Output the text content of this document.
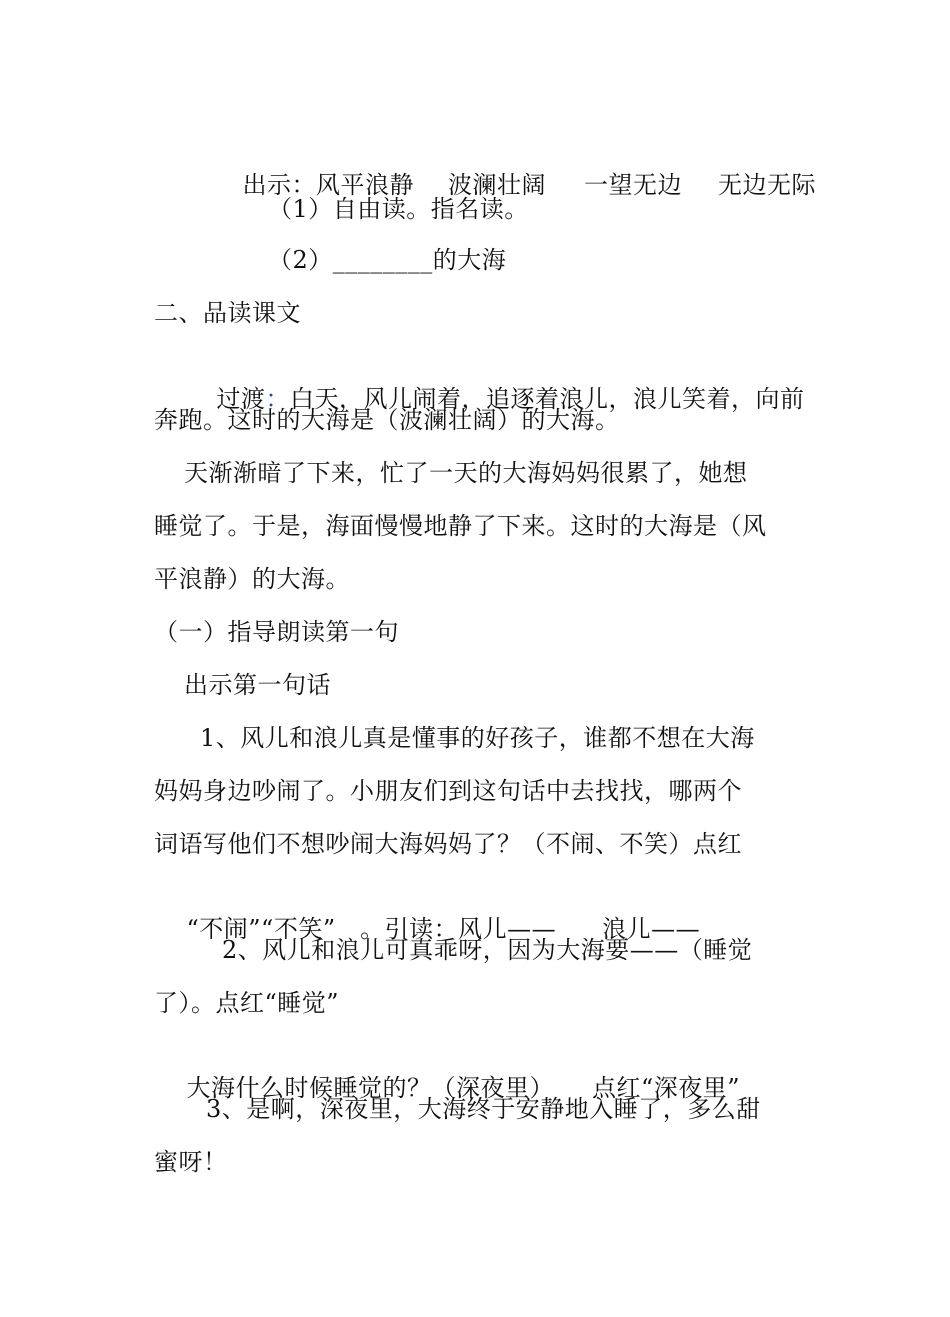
出示：风平浪静 波澜壮阔 一望无边 无边无际

（1）自由读。指名读。
（2）________的大海
二、品读课文

过渡：白天，风儿闹着，追逐着浪儿，浪儿笑着，向前

奔跑。这时的大海是（波澜壮阔）的大海。
天渐渐暗了下来，忙了一天的大海妈妈很累了，她想
睡觉了。于是，海面慢慢地静了下来。这时的大海是（风
平浪静）的大海。
（一）指导朗读第一句
出示第一句话
1、风儿和浪儿真是懂事的好孩子，谁都不想在大海
妈妈身边吵闹了。小朋友们到这句话中去找找，哪两个
词语写他们不想吵闹大海妈妈了？（不闹、不笑）点红

“不闹”“不笑”　。引读：风儿—— 浪儿——

2、风儿和浪儿可真乖呀，因为大海要——（睡觉
了）。点红“睡觉”

大海什么时候睡觉的？（深夜里） 点红“深夜里”

3、是啊，深夜里，大海终于安静地入睡了，多么甜
蜜呀！
